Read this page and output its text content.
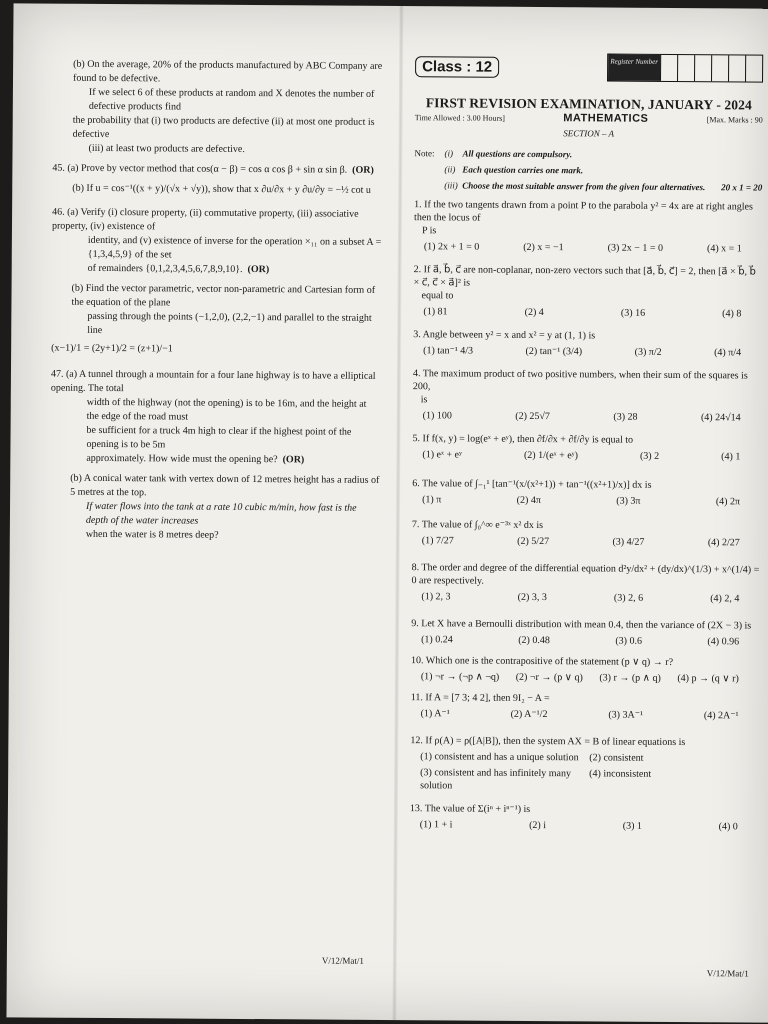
(b) On the average, 20% of the products manufactured by ABC Company are found to be defective.
If we select 6 of these products at random and X denotes the number of defective products find
the probability that (i) two products are defective (ii) at most one product is defective
(iii) at least two products are defective.
45. (a) Prove by vector method that cos(α − β) = cos α cos β + sin α sin β. (OR)
(b) If u = cos⁻¹((x + y)/(√x + √y)), show that x ∂u/∂x + y ∂u/∂y = −½ cot u
46. (a) Verify (i) closure property, (ii) commutative property, (iii) associative property, (iv) existence of
identity, and (v) existence of inverse for the operation ×₁₁ on a subset A = {1,3,4,5,9} of the set
of remainders {0,1,2,3,4,5,6,7,8,9,10}. (OR)
(b) Find the vector parametric, vector non-parametric and Cartesian form of the equation of the plane
passing through the points (−1,2,0), (2,2,−1) and parallel to the straight line
(x−1)/1 = (2y+1)/2 = (z+1)/−1
47. (a) A tunnel through a mountain for a four lane highway is to have a elliptical opening. The total
width of the highway (not the opening) is to be 16m, and the height at the edge of the road must
be sufficient for a truck 4m high to clear if the highest point of the opening is to be 5m
approximately. How wide must the opening be? (OR)
(b) A conical water tank with vertex down of 12 metres height has a radius of 5 metres at the top.
If water flows into the tank at a rate 10 cubic m/min, how fast is the depth of the water increases
when the water is 8 metres deep?
V/12/Mat/1
Class : 12	Register Number
FIRST REVISION EXAMINATION, JANUARY - 2024
Time Allowed : 3.00 Hours]	MATHEMATICS	[Max. Marks : 90
SECTION – A
Note:	(i)	All questions are compulsory.
(ii) Each question carries one mark.
(iii) Choose the most suitable answer from the given four alternatives.	20 x 1 = 20
1. If the two tangents drawn from a point P to the parabola y² = 4x are at right angles then the locus of
P is
(1) 2x + 1 = 0	(2) x = −1	(3) 2x − 1 = 0	(4) x = 1
2. If a⃗, b⃗, c⃗ are non-coplanar, non-zero vectors such that [a⃗, b⃗, c⃗] = 2, then [a⃗ × b⃗, b⃗ × c⃗, c⃗ × a⃗]² is
equal to
(1) 81	(2) 4	(3) 16	(4) 8
3. Angle between y² = x and x² = y at (1, 1) is
(1) tan⁻¹ 4/3	(2) tan⁻¹ (3/4)	(3) π/2	(4) π/4
4. The maximum product of two positive numbers, when their sum of the squares is 200,
is
(1) 100	(2) 25√7	(3) 28	(4) 24√14
5. If f(x, y) = log(eˣ + eʸ), then ∂f/∂x + ∂f/∂y is equal to
(1) eˣ + eʸ	(2) 1/(eˣ + eʸ)	(3) 2	(4) 1
6. The value of ∫₋₁¹ [tan⁻¹(x/(x²+1)) + tan⁻¹((x²+1)/x)] dx is
(1) π	(2) 4π	(3) 3π	(4) 2π
7. The value of ∫₀^∞ e⁻³ˣ x² dx is
(1) 7/27	(2) 5/27	(3) 4/27	(4) 2/27
8. The order and degree of the differential equation d²y/dx² + (dy/dx)^(1/3) + x^(1/4) = 0 are respectively.
(1) 2, 3	(2) 3, 3	(3) 2, 6	(4) 2, 4
9. Let X have a Bernoulli distribution with mean 0.4, then the variance of (2X − 3) is
(1) 0.24	(2) 0.48	(3) 0.6	(4) 0.96
10. Which one is the contrapositive of the statement (p ∨ q) → r?
(1) ¬r → (¬p ∧ ¬q) (2) ¬r → (p ∨ q) (3) r → (p ∧ q) (4) p → (q ∨ r)
11. If A = [7 3; 4 2], then 9I₂ − A =
(1) A⁻¹	(2) A⁻¹/2	(3) 3A⁻¹	(4) 2A⁻¹
12. If ρ(A) = ρ([A|B]), then the system AX = B of linear equations is
(1) consistent and has a unique solution	(2) consistent
(3) consistent and has infinitely many solution
(4) inconsistent
13. The value of Σ(iⁿ + iⁿ⁻¹) is
(1) 1 + i	(2) i	(3) 1	(4) 0
V/12/Mat/1
